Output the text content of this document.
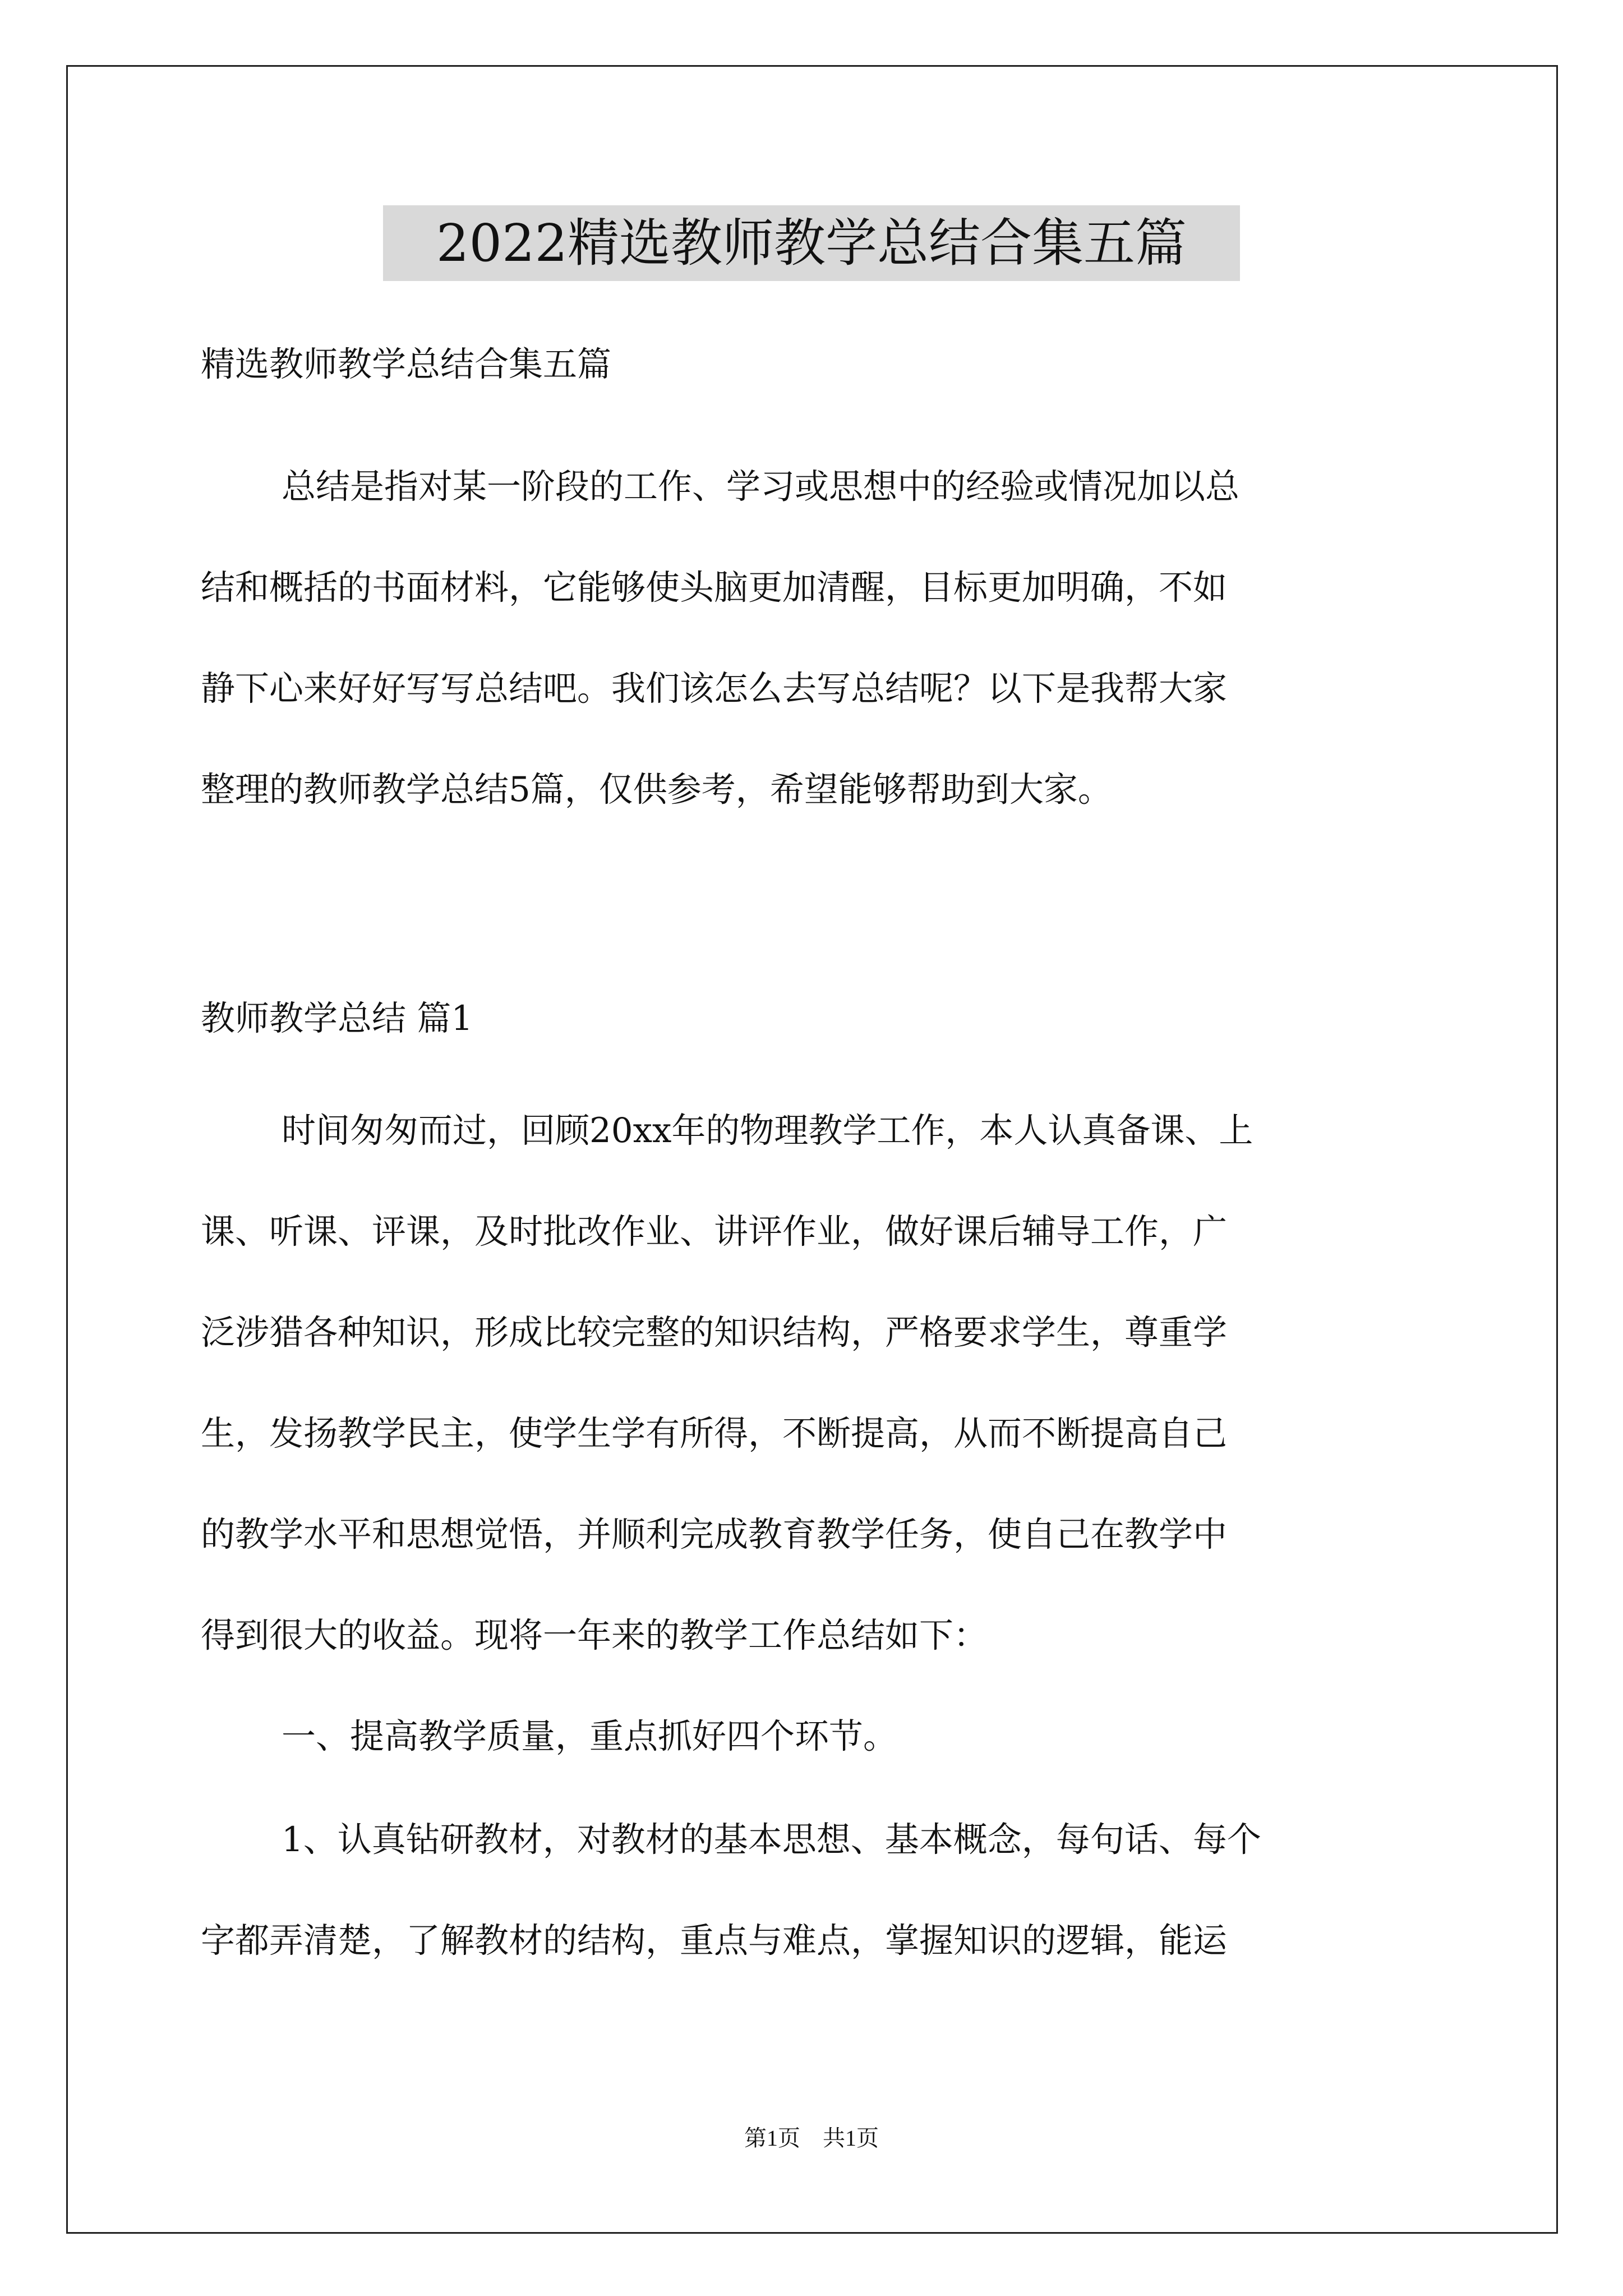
2022精选教师教学总结合集五篇
精选教师教学总结合集五篇
总结是指对某一阶段的工作、学习或思想中的经验或情况加以总
结和概括的书面材料，它能够使头脑更加清醒，目标更加明确，不如
静下心来好好写写总结吧。我们该怎么去写总结呢？以下是我帮大家
整理的教师教学总结5篇，仅供参考，希望能够帮助到大家。
教师教学总结 篇1
时间匆匆而过，回顾20xx年的物理教学工作，本人认真备课、上
课、听课、评课，及时批改作业、讲评作业，做好课后辅导工作，广
泛涉猎各种知识，形成比较完整的知识结构，严格要求学生，尊重学
生，发扬教学民主，使学生学有所得，不断提高，从而不断提高自己
的教学水平和思想觉悟，并顺利完成教育教学任务，使自己在教学中
得到很大的收益。现将一年来的教学工作总结如下：
一、提高教学质量，重点抓好四个环节。
1、认真钻研教材，对教材的基本思想、基本概念，每句话、每个
字都弄清楚，了解教材的结构，重点与难点，掌握知识的逻辑，能运
第1页　共1页
